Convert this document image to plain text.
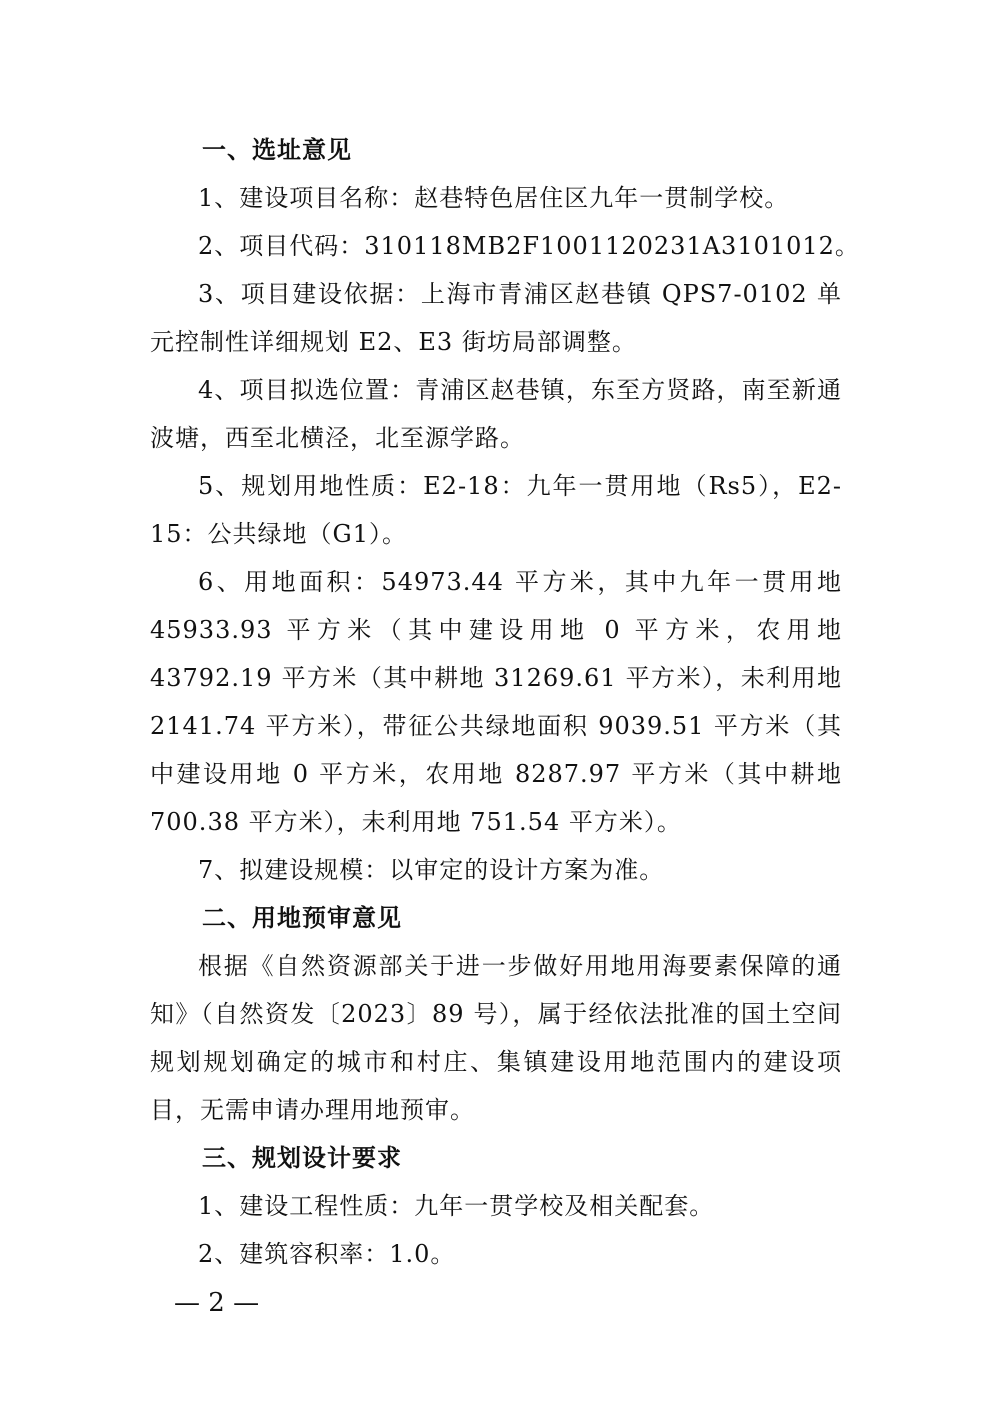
一、选址意见

1、建设项目名称：赵巷特色居住区九年一贯制学校。

2、项目代码：310118MB2F1001120231A3101012。

3、项目建设依据：上海市青浦区赵巷镇 QPS7-0102 单元控制性详细规划 E2、E3 街坊局部调整。

4、项目拟选位置：青浦区赵巷镇，东至方贤路，南至新通波塘，西至北横泾，北至源学路。

5、规划用地性质：E2-18：九年一贯用地（Rs5），E2-15：公共绿地（G1）。

6、用地面积：54973.44 平方米，其中九年一贯用地 45933.93 平方米（其中建设用地 0 平方米，农用地 43792.19 平方米（其中耕地 31269.61 平方米），未利用地 2141.74 平方米），带征公共绿地面积 9039.51 平方米（其中建设用地 0 平方米，农用地 8287.97 平方米（其中耕地 700.38 平方米），未利用地 751.54 平方米）。

7、拟建设规模：以审定的设计方案为准。

二、用地预审意见

根据《自然资源部关于进一步做好用地用海要素保障的通知》（自然资发〔2023〕89 号），属于经依法批准的国土空间规划规划确定的城市和村庄、集镇建设用地范围内的建设项目，无需申请办理用地预审。

三、规划设计要求

1、建设工程性质：九年一贯学校及相关配套。

2、建筑容积率：1.0。

— 2 —
